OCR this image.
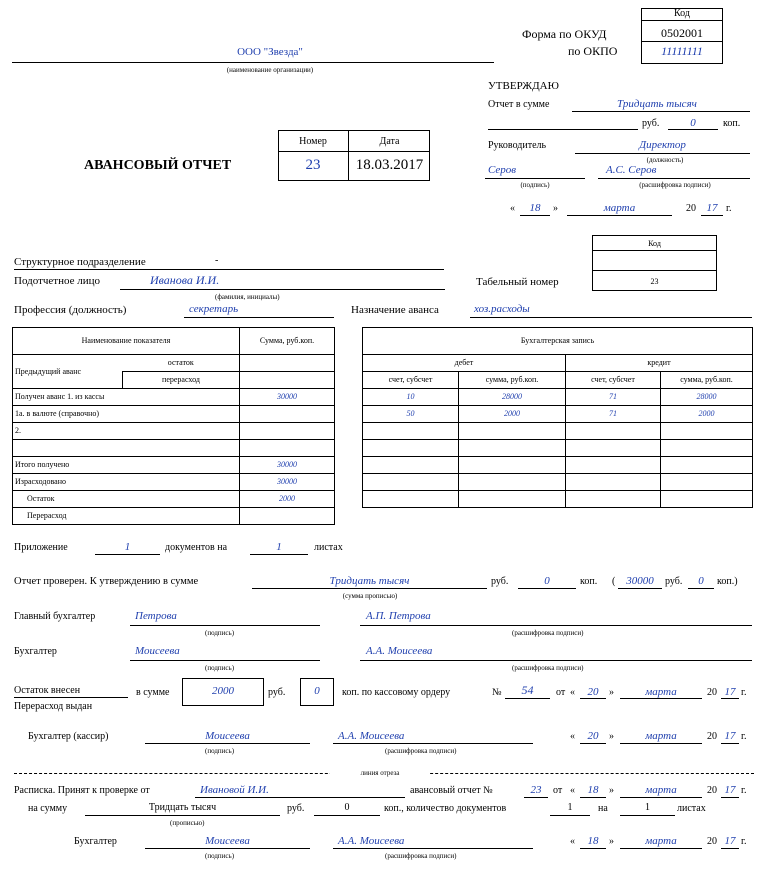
Код
Форма по ОКУД	0502001
по ОКПО	11111111
ООО "Звезда"
(наименование организации)
УТВЕРЖДАЮ
Отчет в сумме	Тридцать тысяч
руб.	0	коп.
Руководитель	Директор
(должность)
Серов	А.С. Серов
(подпись)	(расшифровка подписи)
«	18	»	марта	20 17 г.
АВАНСОВЫЙ ОТЧЕТ
Номер	Дата
23	18.03.2017
Код
Структурное подразделение	-
Подотчетное лицо	Иванова И.И.
(фамилия, инициалы)
Табельный номер	23
Профессия (должность)	секретарь	Назначение аванса	хоз.расходы
Наименование показателя		Сумма, руб.коп.
Предыдущий аванс	остаток	
	перерасход	
Получен аванс 1. из кассы		30000
1а. в валюте (справочно)		
2.		

Итого получено		30000
Израсходовано		30000
Остаток		2000
Перерасход		
Бухгалтерская запись			
дебет		кредит	
счет, субсчет	сумма, руб.коп.	счет, субсчет	сумма, руб.коп.
10	28000	71	28000
50	2000	71	2000

Приложение	1	документов на	1	листах
Отчет проверен. К утверждению в сумме	Тридцать тысяч
(сумма прописью)
руб.	0	коп. ( 30000	руб.	0	коп.)
Главный бухгалтер	Петрова
(подпись)
А.П. Петрова
(расшифровка подписи)
Бухгалтер	Моисеева
(подпись)
А.А. Моисеева
(расшифровка подписи)
Остаток внесен
Перерасход выдан
в сумме	2000	руб.	0	коп. по кассовому ордеру	№	54	от «	20	»	марта	20 17 г.
Бухгалтер (кассир)	Моисеева
(подпись)
А.А. Моисеева
(расшифровка подписи)
«	20	»	марта	20 17 г.
линия отреза
Расписка. Принят к проверке от	Ивановой И.И.	авансовый отчет №	23	от «	18	»	марта	20 17 г.
на сумму	Тридцать тысяч
(прописью)
руб.	0	коп., количество документов	1	на	1	листах
Бухгалтер	Моисеева
(подпись)
А.А. Моисеева
(расшифровка подписи)
«	18	»	марта	20 17 г.
